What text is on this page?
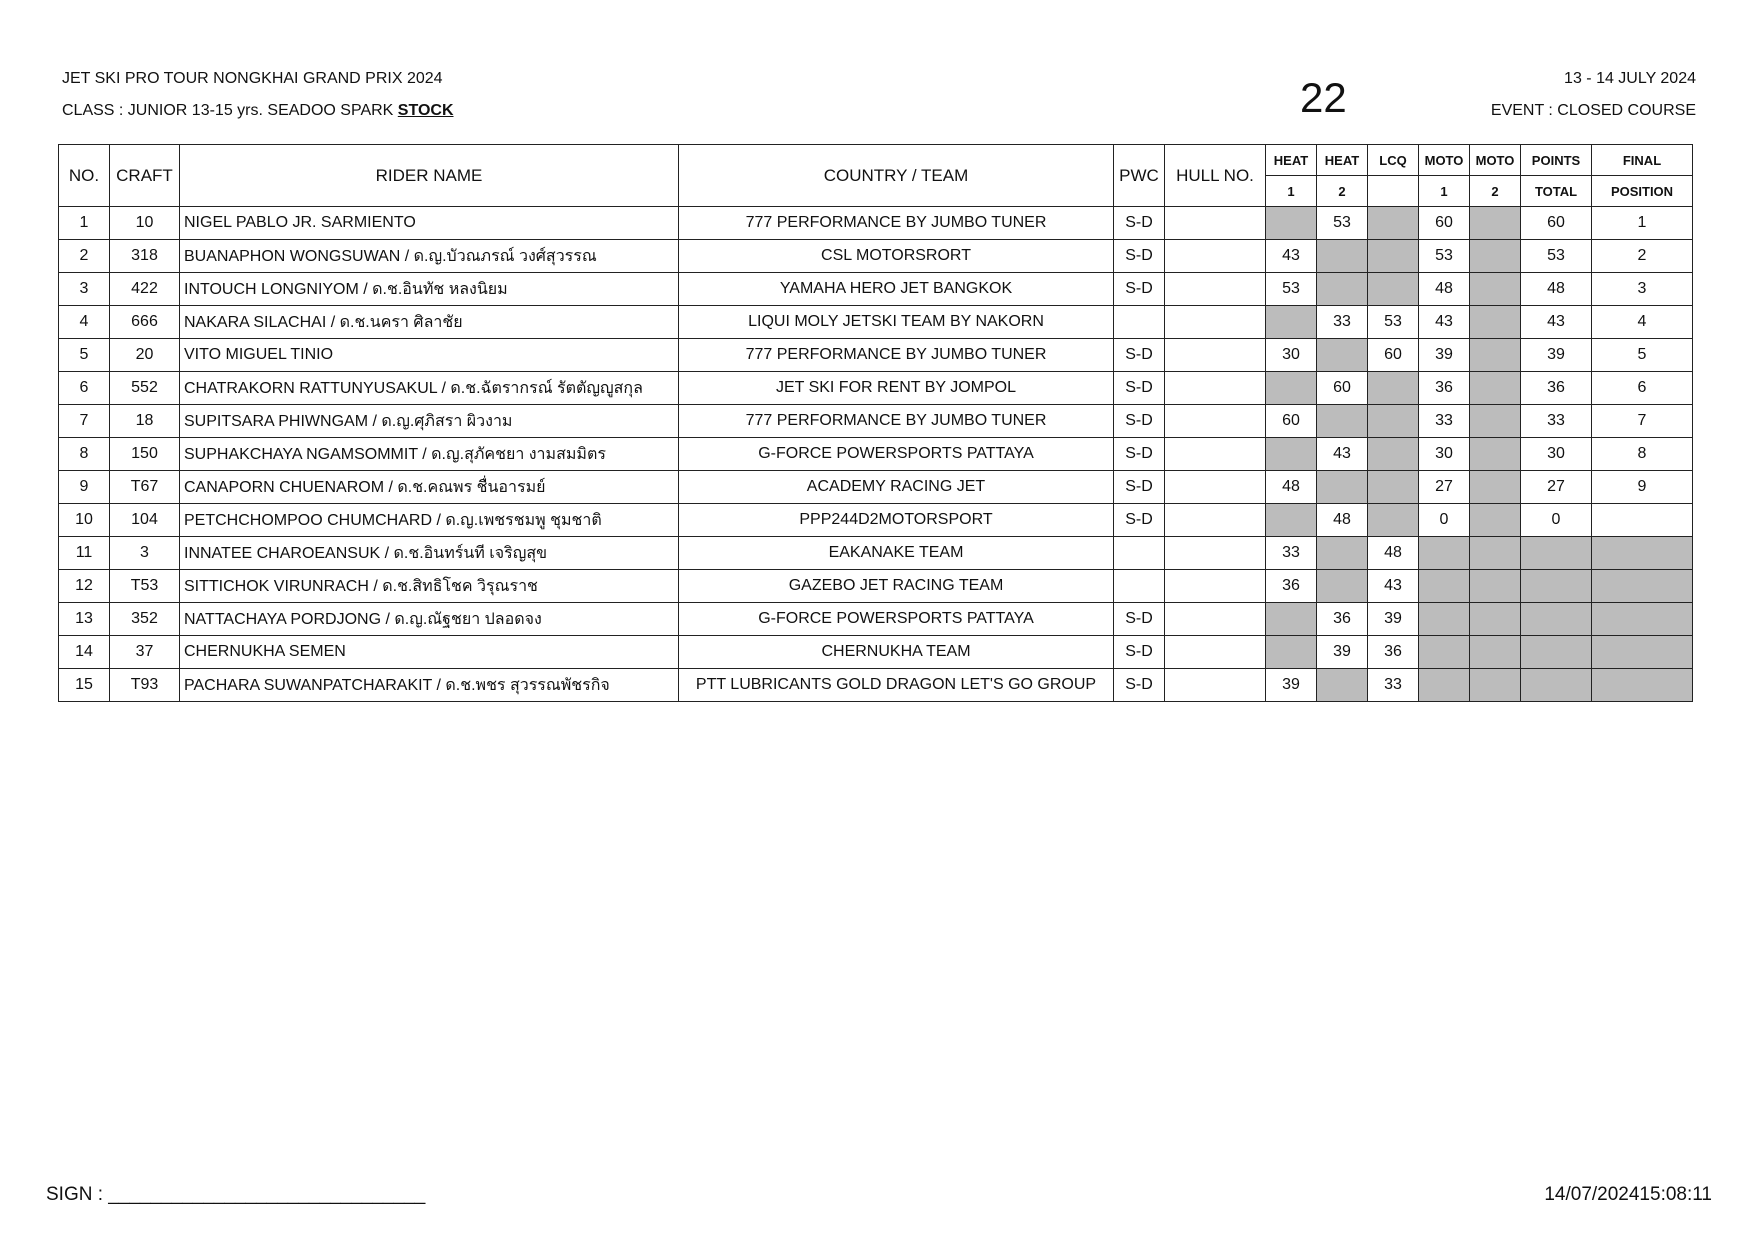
JET SKI PRO TOUR NONGKHAI GRAND PRIX 2024
CLASS : JUNIOR 13-15 yrs. SEADOO SPARK STOCK	22	13 - 14 JULY 2024
EVENT : CLOSED COURSE
NO.	CRAFT	RIDER NAME	COUNTRY / TEAM	PWC	HULL NO.	HEAT	HEAT	LCQ	MOTO	MOTO	POINTS	FINAL
						1	2		1	2	TOTAL	POSITION
1	10	NIGEL PABLO JR. SARMIENTO	777 PERFORMANCE BY JUMBO TUNER	S-D			53		60		60	1
2	318	BUANAPHON WONGSUWAN / ด.ญ.บัวณภรณ์ วงศ์สุวรรณ	CSL MOTORSRORT	S-D		43			53		53	2
3	422	INTOUCH LONGNIYOM / ด.ช.อินทัช หลงนิยม	YAMAHA HERO JET BANGKOK	S-D		53			48		48	3
4	666	NAKARA SILACHAI / ด.ช.นครา ศิลาชัย	LIQUI MOLY JETSKI TEAM BY NAKORN				33	53	43		43	4
5	20	VITO MIGUEL TINIO	777 PERFORMANCE BY JUMBO TUNER	S-D		30		60	39		39	5
6	552	CHATRAKORN RATTUNYUSAKUL / ด.ช.ฉัตรากรณ์ รัตตัญญูสกุล	JET SKI FOR RENT BY JOMPOL	S-D			60		36		36	6
7	18	SUPITSARA PHIWNGAM / ด.ญ.ศุภิสรา ผิวงาม	777 PERFORMANCE BY JUMBO TUNER	S-D		60			33		33	7
8	150	SUPHAKCHAYA NGAMSOMMIT / ด.ญ.สุภัคชยา งามสมมิตร	G-FORCE POWERSPORTS PATTAYA	S-D			43		30		30	8
9	T67	CANAPORN CHUENAROM / ด.ช.คณพร ชื่นอารมย์	ACADEMY RACING JET	S-D		48			27		27	9
10	104	PETCHCHOMPOO CHUMCHARD / ด.ญ.เพชรชมพู ชุมชาติ	PPP244D2MOTORSPORT	S-D			48		0		0	
11	3	INNATEE CHAROEANSUK / ด.ช.อินทร์นที เจริญสุข	EAKANAKE TEAM			33		48				
12	T53	SITTICHOK VIRUNRACH / ด.ช.สิทธิโชค วิรุณราช	GAZEBO JET RACING TEAM			36		43				
13	352	NATTACHAYA PORDJONG / ด.ญ.ณัฐชยา ปลอดจง	G-FORCE POWERSPORTS PATTAYA	S-D			36	39				
14	37	CHERNUKHA SEMEN	CHERNUKHA TEAM	S-D			39	36				
15	T93	PACHARA SUWANPATCHARAKIT / ด.ช.พชร สุวรรณพัชรกิจ	PTT LUBRICANTS GOLD DRAGON LET'S GO GROUP	S-D		39		33				
SIGN : ______________________________	14/07/202415:08:11
